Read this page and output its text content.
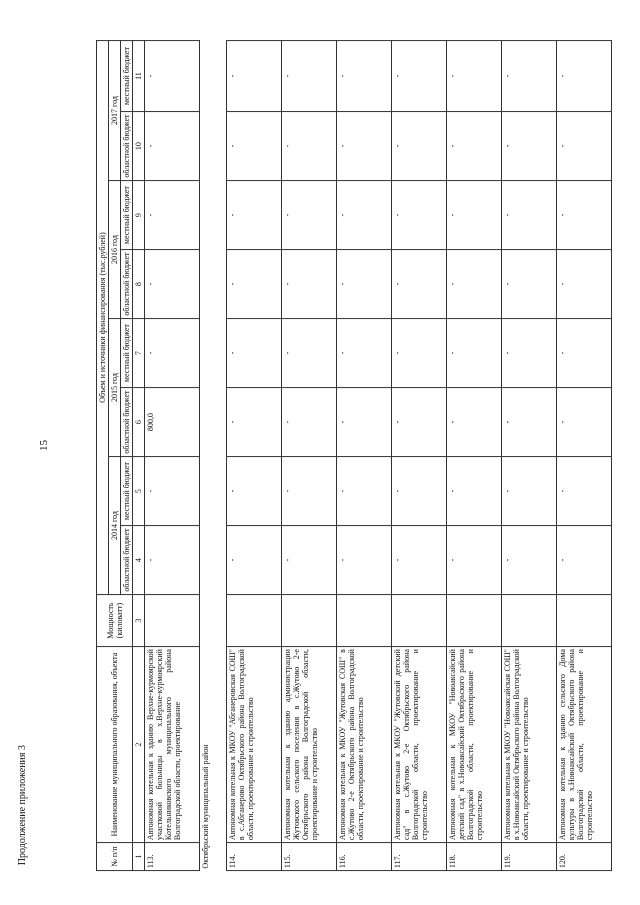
15
Продолжение приложения 3	№ п/п	Наименование муниципального образования, объекта	Мощность (киловатт)	Объем и источники финансирования (тыс.рублей)							
			2014 год		2015 год		2016 год		2017 год	
			областной бюджет	местный бюджет	областной бюджет	местный бюджет	областной бюджет	местный бюджет	областной бюджет	местный бюджет
1	2	3	4	5	6	7	8	9	10	11
113.	Автономная котельная к зданию Верхне-курмоярской участковой больницы в х.Верхне-курмоярский Котельниковского муниципального района Волгоградской области, проектирование		-	-	800,0	-	-	-	-	-
Октябрьский муниципальный район										
114.	Автономная котельная к МКОУ "Абганеровская СОШ" в с.Абганерово Октябрьского района Волгоградской области, проектирование и строительство		-	-	-	-	-	-	-	-
115.	Автономная котельная к зданию администрации Жутовского сельского поселения в с.Жутово 2-е Октябрьского района Волгоградской области, проектирование и строительство		-	-	-	-	-	-	-	-
116.	Автономная котельная к МКОУ "Жутовская СОШ" в с.Жутово 2-е Октябрьского района Волгоградской области, проектирование и строительство		-	-	-	-	-	-	-	-
117.	Автономная котельная к МКОУ "Жутовский детский сад" в с.Жутово 2-е Октябрьского района Волгоградской области, проектирование и строительство		-	-	-	-	-	-	-	-
118.	Автономная котельная к МКОУ "Новоаксайский детский сад" в х.Новоаксайский Октябрьского района Волгоградской области, проектирование и строительство		-	-	-	-	-	-	-	-
119.	Автономная котельная к МКОУ "Новоаксайская СОШ" в х.Новоаксайский Октябрьского района Волгоградской области, проектирование и строительство		-	-	-	-	-	-	-	-
120.	Автономная котельная к зданию сельского Дома культуры в х.Новоаксайский Октябрьского района Волгоградской области, проектирование и строительство		-	-	-	-	-	-	-	-
